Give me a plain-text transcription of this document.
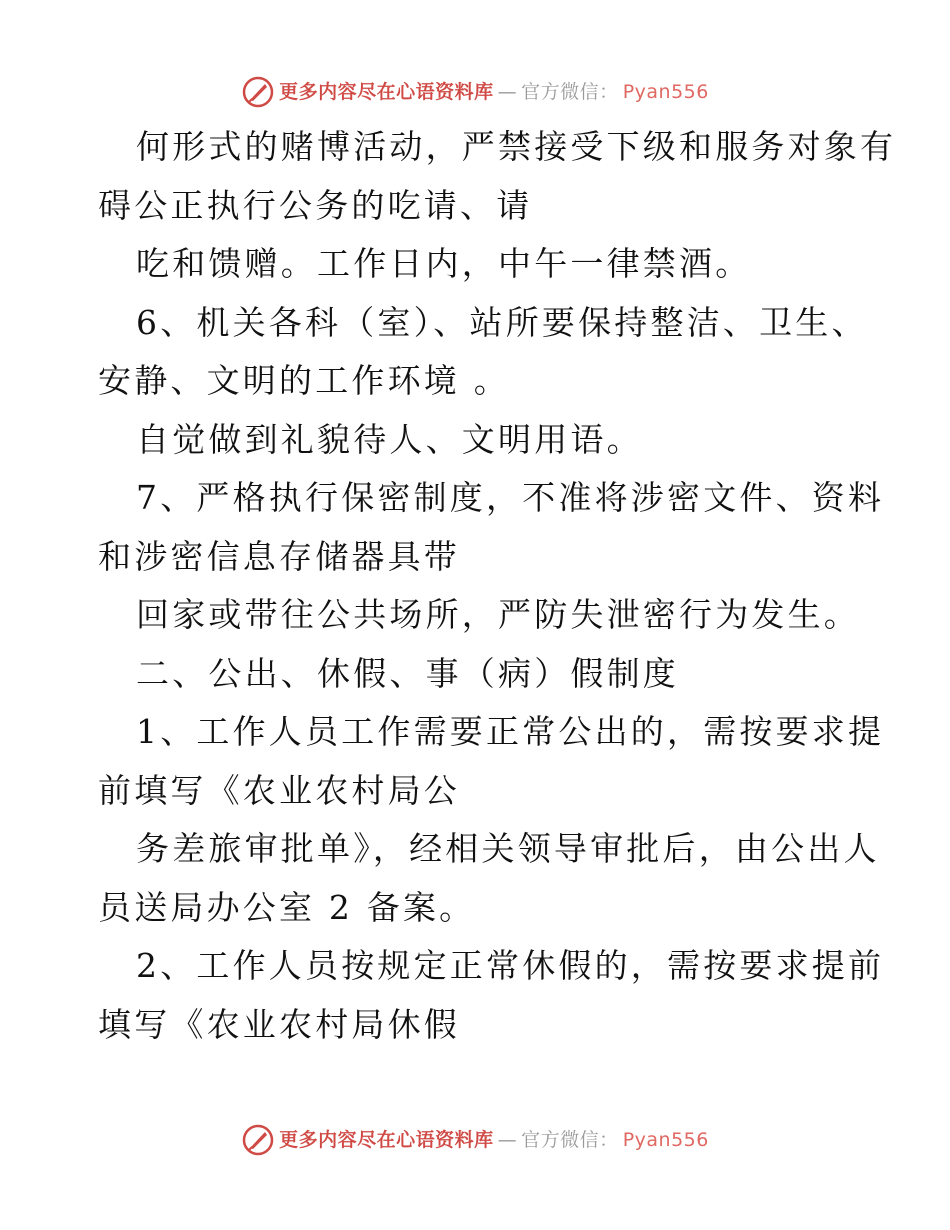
更多内容尽在心语资料库 — 官方微信： Pyan556
何形式的赌博活动，严禁接受下级和服务对象有
碍公正执行公务的吃请、请
吃和馈赠。工作日内，中午一律禁酒。
6、机关各科（室）、站所要保持整洁、卫生、
安静、文明的工作环境 。
自觉做到礼貌待人、文明用语。
7、严格执行保密制度，不准将涉密文件、资料
和涉密信息存储器具带
回家或带往公共场所，严防失泄密行为发生。
二、公出、休假、事（病）假制度
1、工作人员工作需要正常公出的，需按要求提
前填写《农业农村局公
务差旅审批单》，经相关领导审批后，由公出人
员送局办公室 2 备案。
2、工作人员按规定正常休假的，需按要求提前
填写《农业农村局休假
更多内容尽在心语资料库 — 官方微信： Pyan556
